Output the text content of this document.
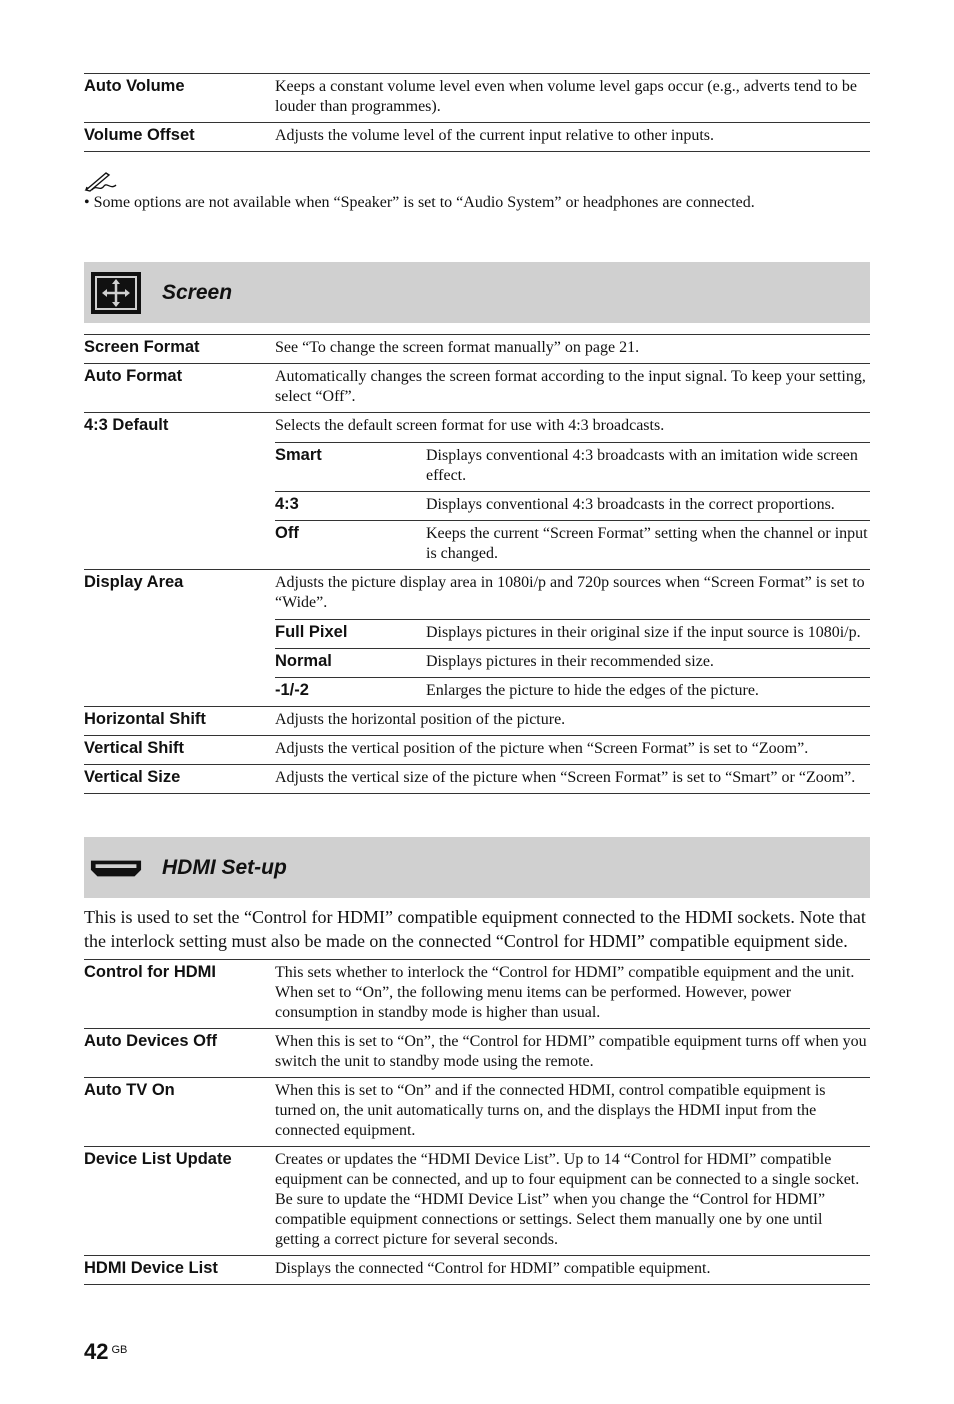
Auto Volume	Keeps a constant volume level even when volume level gaps occur (e.g., adverts tend to be louder than programmes).
Volume Offset	Adjusts the volume level of the current input relative to other inputs.
• Some options are not available when “Speaker” is set to “Audio System” or headphones are connected.
Screen
Screen Format	See “To change the screen format manually” on page 21.
Auto Format	Automatically changes the screen format according to the input signal. To keep your setting, select “Off”.
4:3 Default	Selects the default screen format for use with 4:3 broadcasts.
Smart	Displays conventional 4:3 broadcasts with an imitation wide screen effect.
4:3	Displays conventional 4:3 broadcasts in the correct proportions.
Off	Keeps the current “Screen Format” setting when the channel or input is changed.

Display Area	Adjusts the picture display area in 1080i/p and 720p sources when “Screen Format” is set to “Wide”.
Full Pixel	Displays pictures in their original size if the input source is 1080i/p.
Normal	Displays pictures in their recommended size.
-1/-2	Enlarges the picture to hide the edges of the picture.

Horizontal Shift	Adjusts the horizontal position of the picture.
Vertical Shift	Adjusts the vertical position of the picture when “Screen Format” is set to “Zoom”.
Vertical Size	Adjusts the vertical size of the picture when “Screen Format” is set to “Smart” or “Zoom”.
HDMI Set-up
This is used to set the “Control for HDMI” compatible equipment connected to the HDMI sockets. Note that the interlock setting must also be made on the connected “Control for HDMI” compatible equipment side.
Control for HDMI	This sets whether to interlock the “Control for HDMI” compatible equipment and the unit. When set to “On”, the following menu items can be performed. However, power consumption in standby mode is higher than usual.
Auto Devices Off	When this is set to “On”, the “Control for HDMI” compatible equipment turns off when you switch the unit to standby mode using the remote.
Auto TV On	When this is set to “On” and if the connected HDMI, control compatible equipment is turned on, the unit automatically turns on, and the displays the HDMI input from the connected equipment.
Device List Update	Creates or updates the “HDMI Device List”. Up to 14 “Control for HDMI” compatible equipment can be connected, and up to four equipment can be connected to a single socket. Be sure to update the “HDMI Device List” when you change the “Control for HDMI” compatible equipment connections or settings. Select them manually one by one until getting a correct picture for several seconds.
HDMI Device List	Displays the connected “Control for HDMI” compatible equipment.
42 $^{GB}$
